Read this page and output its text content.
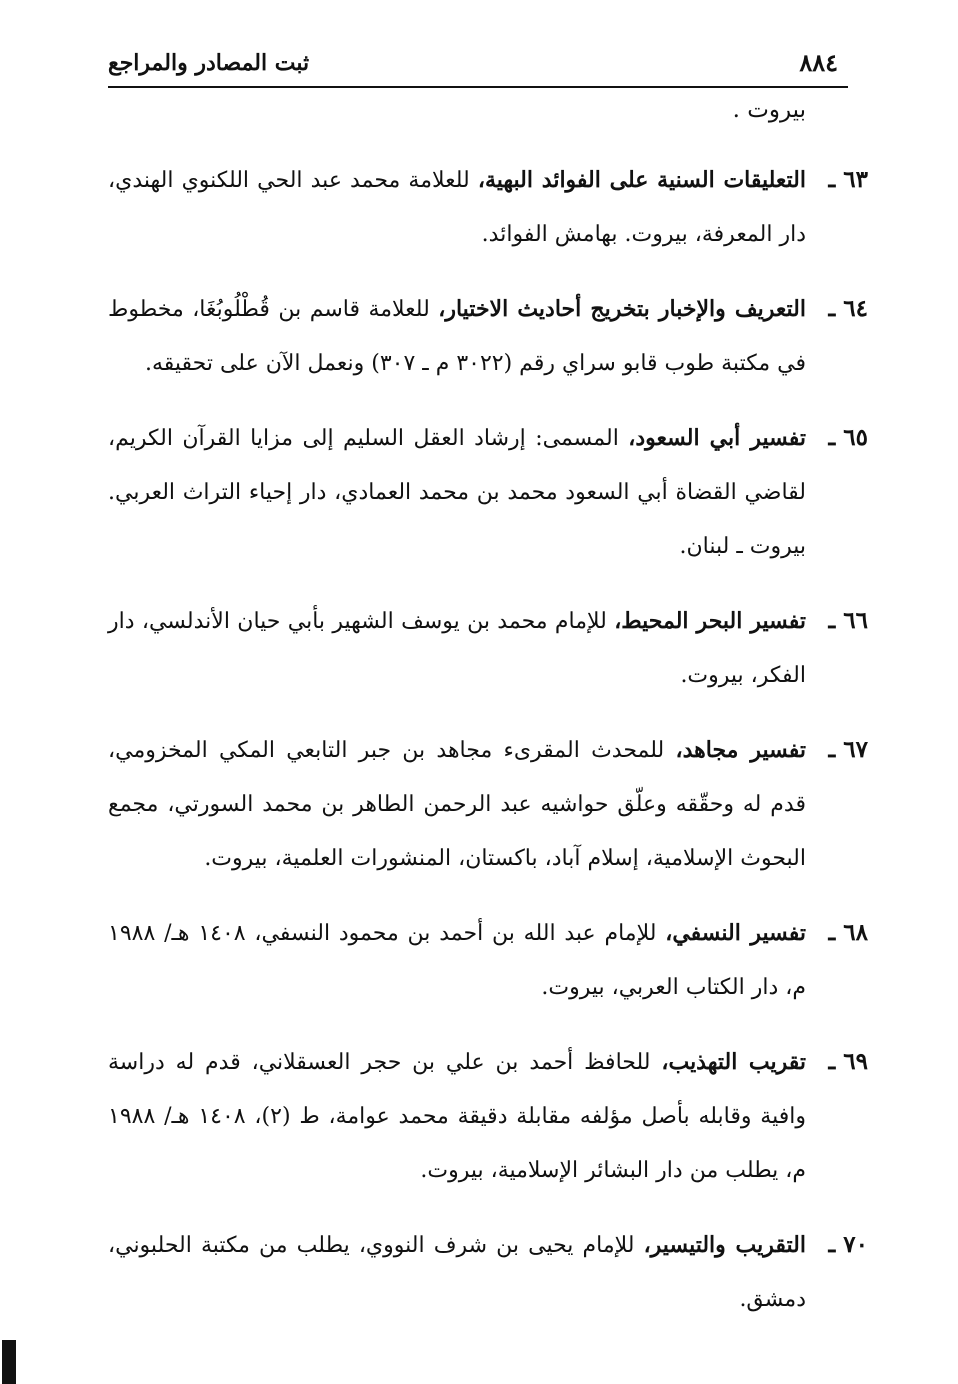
٨٨٤
ثبت المصادر والمراجع
بيروت .
٦٣ ـ
التعليقات السنية على الفوائد البهية، للعلامة محمد عبد الحي اللكنوي الهندي، دار المعرفة، بيروت. بهامش الفوائد.
٦٤ ـ
التعريف والإخبار بتخريج أحاديث الاختيار، للعلامة قاسم بن قُطْلُوبُغَا، مخطوط في مكتبة طوب قابو سراي رقم (٣٠٢٢ م ـ ٣٠٧) ونعمل الآن على تحقيقه.
٦٥ ـ
تفسير أبي السعود، المسمى: إرشاد العقل السليم إلى مزايا القرآن الكريم، لقاضي القضاة أبي السعود محمد بن محمد العمادي، دار إحياء التراث العربي. بيروت ـ لبنان.
٦٦ ـ
تفسير البحر المحيط، للإمام محمد بن يوسف الشهير بأبي حيان الأندلسي، دار الفكر، بيروت.
٦٧ ـ
تفسير مجاهد، للمحدث المقرىء مجاهد بن جبر التابعي المكي المخزومي، قدم له وحقّقه وعلّق حواشيه عبد الرحمن الطاهر بن محمد السورتي، مجمع البحوث الإسلامية، إسلام آباد، باكستان، المنشورات العلمية، بيروت.
٦٨ ـ
تفسير النسفي، للإمام عبد الله بن أحمد بن محمود النسفي، ١٤٠٨ هـ/ ١٩٨٨ م، دار الكتاب العربي، بيروت.
٦٩ ـ
تقريب التهذيب، للحافظ أحمد بن علي بن حجر العسقلاني، قدم له دراسة وافية وقابله بأصل مؤلفه مقابلة دقيقة محمد عوامة، ط (٢)، ١٤٠٨ هـ/ ١٩٨٨ م، يطلب من دار البشائر الإسلامية، بيروت.
٧٠ ـ
التقريب والتيسير، للإمام يحيى بن شرف النووي، يطلب من مكتبة الحلبوني، دمشق.
